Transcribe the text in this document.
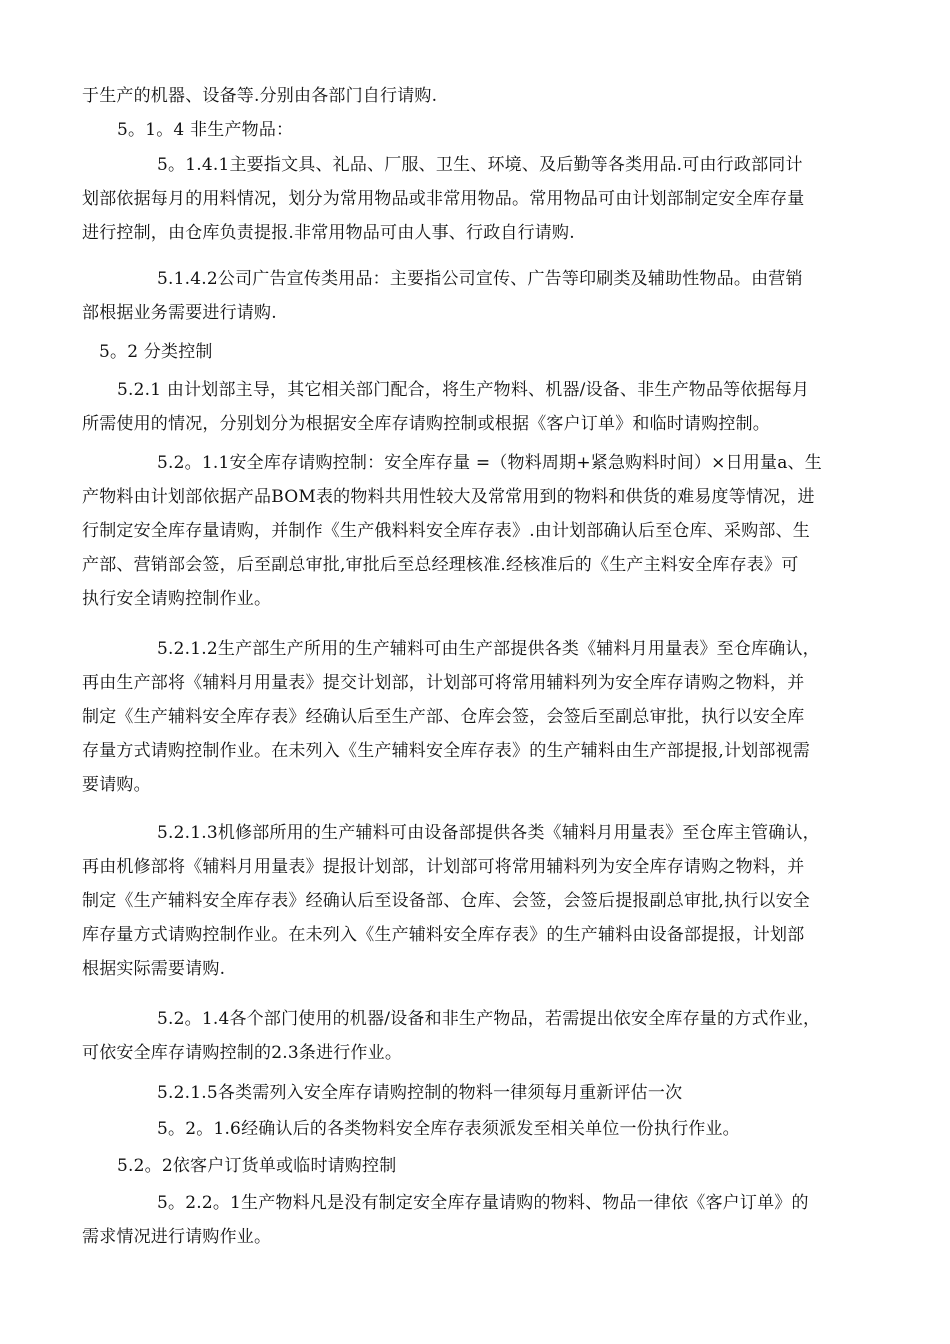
于生产的机器、设备等.分别由各部门自行请购.
5。1。4 非生产物品：
5。1.4.1主要指文具、礼品、厂服、卫生、环境、及后勤等各类用品.可由行政部同计
划部依据每月的用料情况，划分为常用物品或非常用物品。常用物品可由计划部制定安全库存量
进行控制，由仓库负责提报.非常用物品可由人事、行政自行请购.
5.1.4.2公司广告宣传类用品：主要指公司宣传、广告等印刷类及辅助性物品。由营销
部根据业务需要进行请购.
5。2 分类控制
5.2.1 由计划部主导，其它相关部门配合，将生产物料、机器/设备、非生产物品等依据每月
所需使用的情况，分别划分为根据安全库存请购控制或根据《客户订单》和临时请购控制。
5.2。1.1安全库存请购控制：安全库存量 =（物料周期+紧急购料时间）×日用量a、生
产物料由计划部依据产品BOM表的物料共用性较大及常常用到的物料和供货的难易度等情况，进
行制定安全库存量请购，并制作《生产俄料料安全库存表》.由计划部确认后至仓库、采购部、生
产部、营销部会签，后至副总审批,审批后至总经理核准.经核准后的《生产主料安全库存表》可
执行安全请购控制作业。
5.2.1.2生产部生产所用的生产辅料可由生产部提供各类《辅料月用量表》至仓库确认，
再由生产部将《辅料月用量表》提交计划部，计划部可将常用辅料列为安全库存请购之物料，并
制定《生产辅料安全库存表》经确认后至生产部、仓库会签，会签后至副总审批，执行以安全库
存量方式请购控制作业。在未列入《生产辅料安全库存表》的生产辅料由生产部提报,计划部视需
要请购。
5.2.1.3机修部所用的生产辅料可由设备部提供各类《辅料月用量表》至仓库主管确认，
再由机修部将《辅料月用量表》提报计划部，计划部可将常用辅料列为安全库存请购之物料，并
制定《生产辅料安全库存表》经确认后至设备部、仓库、会签，会签后提报副总审批,执行以安全
库存量方式请购控制作业。在未列入《生产辅料安全库存表》的生产辅料由设备部提报，计划部
根据实际需要请购.
5.2。1.4各个部门使用的机器/设备和非生产物品，若需提出依安全库存量的方式作业，
可依安全库存请购控制的2.3条进行作业。
5.2.1.5各类需列入安全库存请购控制的物料一律须每月重新评估一次
5。2。1.6经确认后的各类物料安全库存表须派发至相关单位一份执行作业。
5.2。2依客户订货单或临时请购控制
5。2.2。1生产物料凡是没有制定安全库存量请购的物料、物品一律依《客户订单》的
需求情况进行请购作业。
